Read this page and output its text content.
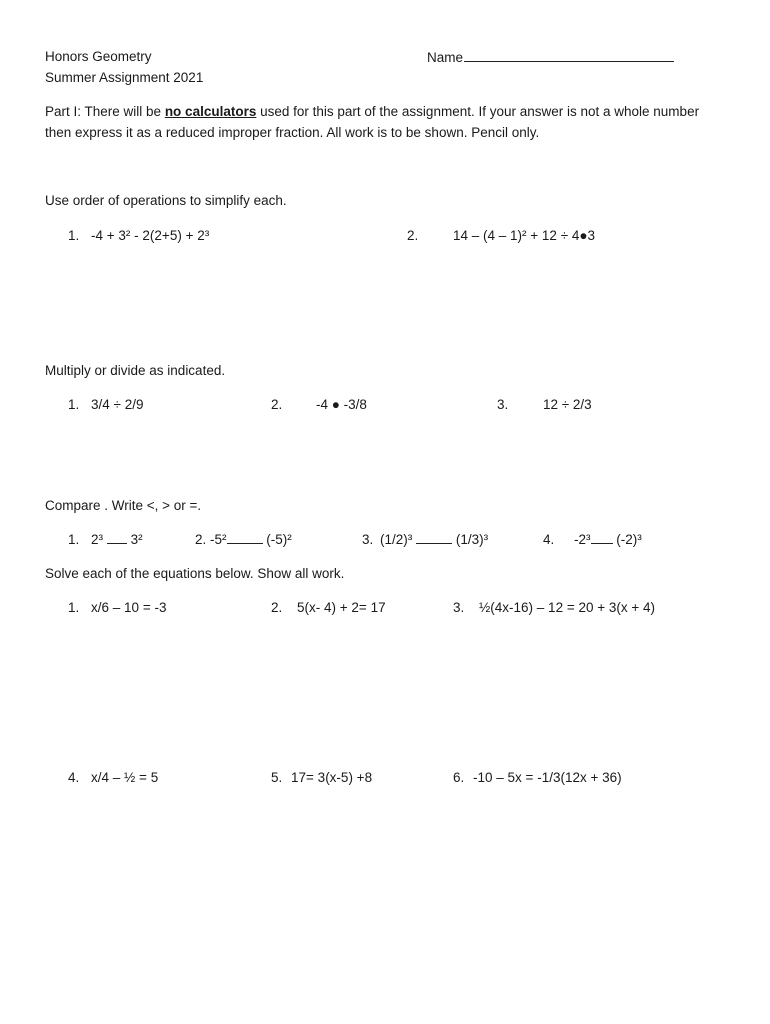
Honors Geometry
Summer Assignment 2021
Name
Part I: There will be no calculators used for this part of the assignment. If your answer is not a whole number
then express it as a reduced improper fraction. All work is to be shown. Pencil only.
Use order of operations to simplify each.
1. -4 + 3² - 2(2+5) + 2³	2.	14 – (4 – 1)² + 12 ÷ 4●3
Multiply or divide as indicated.
1. 3/4 ÷ 2/9	2. -4 ● -3/8	3.	12 ÷ 2/3
Compare . Write <, > or =.
1. 2³ 3²	2. -5²	(-5)²	3. (1/2)³	(1/3)³	4. -2³ (-2)³
Solve each of the equations below. Show all work.
1. x/6 – 10 = -3	2. 5(x- 4) + 2= 17	3. ½(4x-16) – 12 = 20 + 3(x + 4)
4. x/4 – ½ = 5	5. 17= 3(x-5) +8	6. -10 – 5x = -1/3(12x + 36)
